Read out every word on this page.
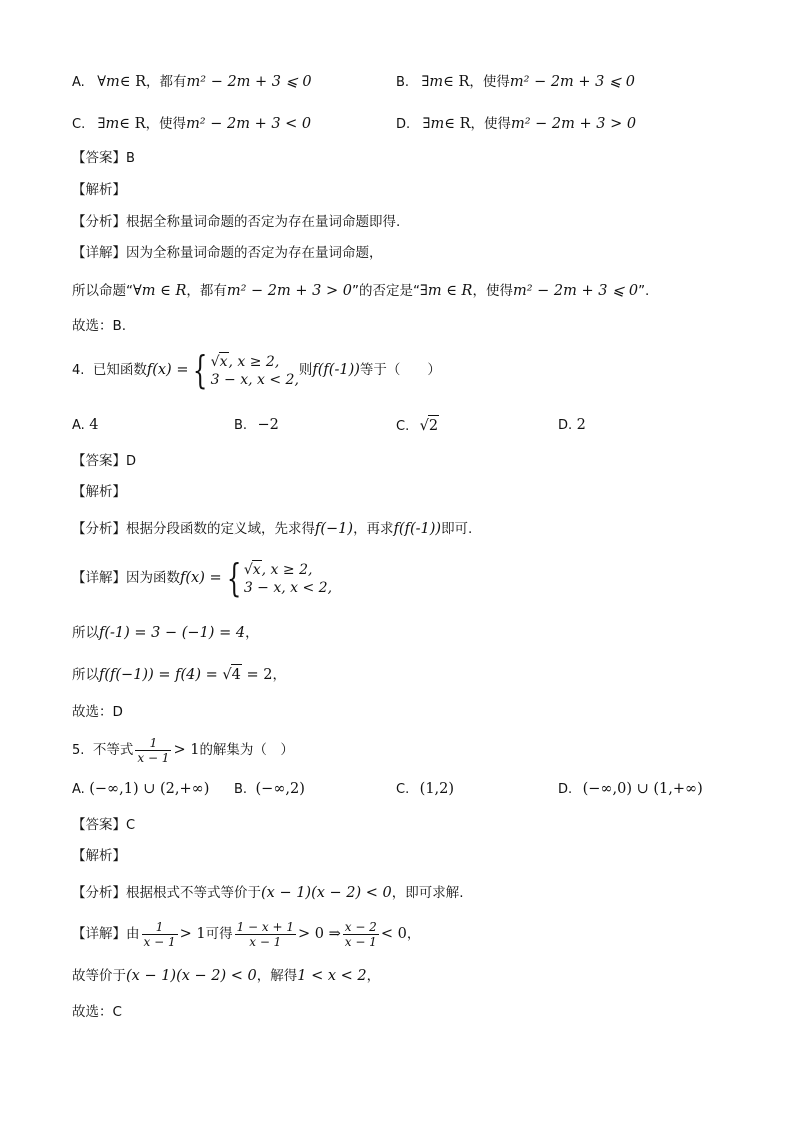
A. ∀m∈ R，都有m² − 2m + 3 ⩽ 0	B. ∃m∈ R，使得m² − 2m + 3 ⩽ 0
C. ∃m∈ R，使得m² − 2m + 3 < 0	D. ∃m∈ R，使得m² − 2m + 3 > 0
【答案】B
【解析】
【分析】根据全称量词命题的否定为存在量词命题即得.
【详解】因为全称量词命题的否定为存在量词命题，
所以命题“∀m ∈ R，都有m² − 2m + 3 > 0”的否定是“∃m ∈ R，使得m² − 2m + 3 ⩽ 0”.
故选：B.
4. 已知函数f(x) = { √x, x ≥ 2,
3 − x, x < 2,
则f(f(-1))等于（　　）
A. 4	B. −2	C. √2	D. 2
【答案】D
【解析】
【分析】根据分段函数的定义域，先求得f(−1)，再求f(f(-1))即可.
【详解】因为函数f(x) = { √x, x ≥ 2,
3 − x, x < 2,
所以f(-1) = 3 − (−1) = 4，
所以f(f(−1)) = f(4) = √4 = 2，
故选：D
5. 不等式 $\frac{1}{x - 1} > 1$的解集为（　）
A. (−∞,1) ∪ (2,+∞) B. (−∞,2)	C. (1,2)	D. (−∞,0) ∪ (1,+∞)
【答案】C
【解析】
【分析】根据根式不等式等价于(x − 1)(x − 2) < 0，即可求解.
【详解】由 $\frac{1}{x - 1} > 1$可得 $\frac{1 - x + 1}{x - 1} > 0$ ⇒ $\frac{x - 2}{x - 1} < 0$，
故等价于(x − 1)(x − 2) < 0，解得1 < x < 2，
故选：C
